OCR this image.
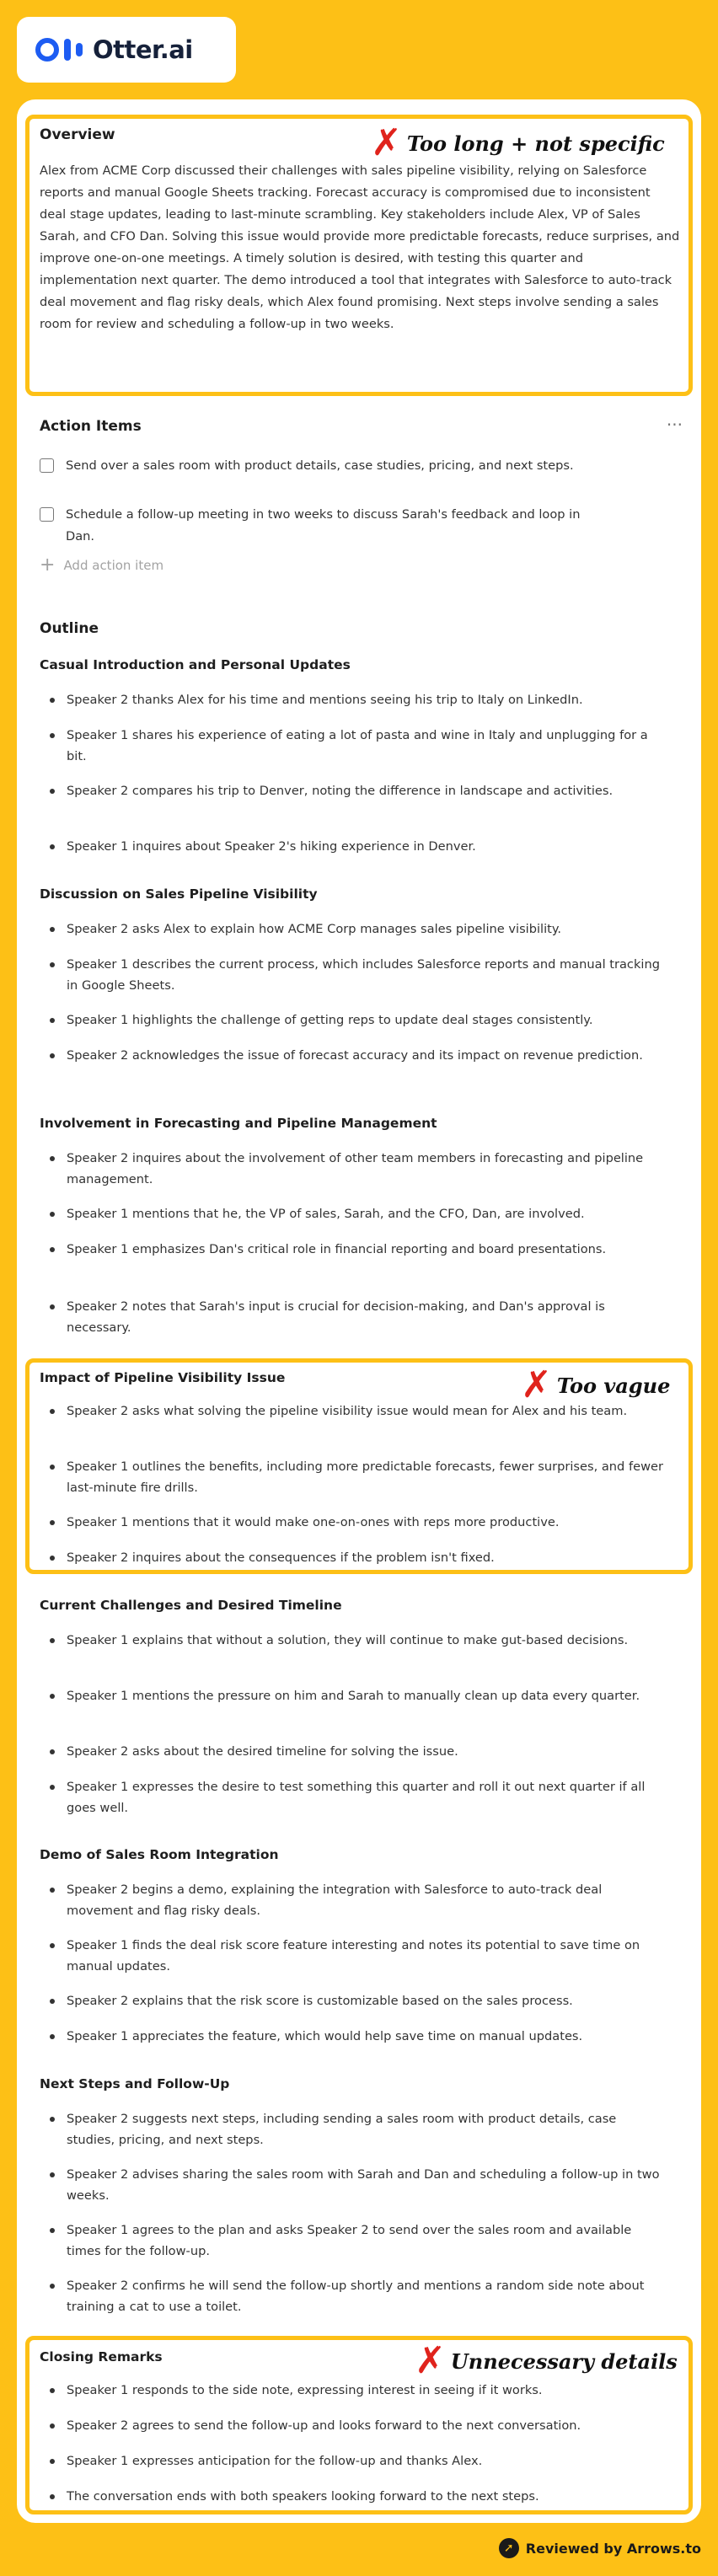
Otter.ai
✗ Too long + not specific
Overview
Alex from ACME Corp discussed their challenges with sales pipeline visibility, relying on Salesforce reports and manual Google Sheets tracking. Forecast accuracy is compromised due to inconsistent deal stage updates, leading to last-minute scrambling. Key stakeholders include Alex, VP of Sales Sarah, and CFO Dan. Solving this issue would provide more predictable forecasts, reduce surprises, and improve one-on-one meetings. A timely solution is desired, with testing this quarter and implementation next quarter. The demo introduced a tool that integrates with Salesforce to auto-track deal movement and flag risky deals, which Alex found promising. Next steps involve sending a sales room for review and scheduling a follow-up in two weeks.
Action Items	···
Send over a sales room with product details, case studies, pricing, and next steps.
Schedule a follow-up meeting in two weeks to discuss Sarah's feedback and loop in Dan.
+ Add action item
Outline
Casual Introduction and Personal Updates
Speaker 2 thanks Alex for his time and mentions seeing his trip to Italy on LinkedIn.
Speaker 1 shares his experience of eating a lot of pasta and wine in Italy and unplugging for a bit.
Speaker 2 compares his trip to Denver, noting the difference in landscape and activities.
Speaker 1 inquires about Speaker 2's hiking experience in Denver.
Discussion on Sales Pipeline Visibility
Speaker 2 asks Alex to explain how ACME Corp manages sales pipeline visibility.
Speaker 1 describes the current process, which includes Salesforce reports and manual tracking in Google Sheets.
Speaker 1 highlights the challenge of getting reps to update deal stages consistently.
Speaker 2 acknowledges the issue of forecast accuracy and its impact on revenue prediction.
Involvement in Forecasting and Pipeline Management
Speaker 2 inquires about the involvement of other team members in forecasting and pipeline management.
Speaker 1 mentions that he, the VP of sales, Sarah, and the CFO, Dan, are involved.
Speaker 1 emphasizes Dan's critical role in financial reporting and board presentations.
Speaker 2 notes that Sarah's input is crucial for decision-making, and Dan's approval is necessary.
✗ Too vague
Impact of Pipeline Visibility Issue
Speaker 2 asks what solving the pipeline visibility issue would mean for Alex and his team.
Speaker 1 outlines the benefits, including more predictable forecasts, fewer surprises, and fewer last-minute fire drills.
Speaker 1 mentions that it would make one-on-ones with reps more productive.
Speaker 2 inquires about the consequences if the problem isn't fixed.
Current Challenges and Desired Timeline
Speaker 1 explains that without a solution, they will continue to make gut-based decisions.
Speaker 1 mentions the pressure on him and Sarah to manually clean up data every quarter.
Speaker 2 asks about the desired timeline for solving the issue.
Speaker 1 expresses the desire to test something this quarter and roll it out next quarter if all goes well.
Demo of Sales Room Integration
Speaker 2 begins a demo, explaining the integration with Salesforce to auto-track deal movement and flag risky deals.
Speaker 1 finds the deal risk score feature interesting and notes its potential to save time on manual updates.
Speaker 2 explains that the risk score is customizable based on the sales process.
Speaker 1 appreciates the feature, which would help save time on manual updates.
Next Steps and Follow-Up
Speaker 2 suggests next steps, including sending a sales room with product details, case studies, pricing, and next steps.
Speaker 2 advises sharing the sales room with Sarah and Dan and scheduling a follow-up in two weeks.
Speaker 1 agrees to the plan and asks Speaker 2 to send over the sales room and available times for the follow-up.
Speaker 2 confirms he will send the follow-up shortly and mentions a random side note about training a cat to use a toilet.
✗ Unnecessary details
Closing Remarks
Speaker 1 responds to the side note, expressing interest in seeing if it works.
Speaker 2 agrees to send the follow-up and looks forward to the next conversation.
Speaker 1 expresses anticipation for the follow-up and thanks Alex.
The conversation ends with both speakers looking forward to the next steps.
➚ Reviewed by Arrows.to
